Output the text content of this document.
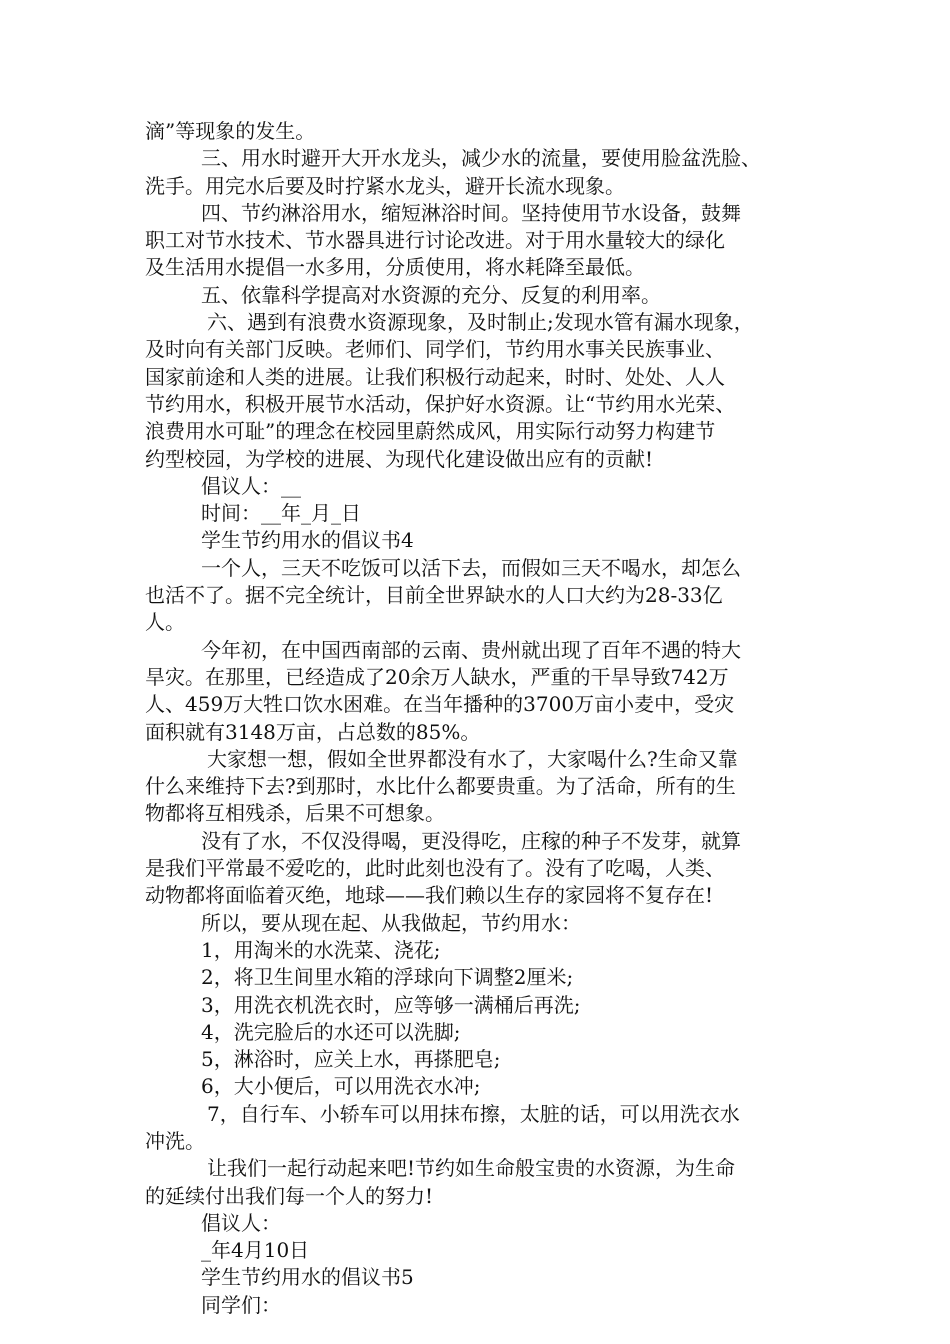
滴”等现象的发生。
三、用水时避开大开水龙头，减少水的流量，要使用脸盆洗脸、
洗手。用完水后要及时拧紧水龙头，避开长流水现象。
四、节约淋浴用水，缩短淋浴时间。坚持使用节水设备，鼓舞
职工对节水技术、节水器具进行讨论改进。对于用水量较大的绿化
及生活用水提倡一水多用，分质使用，将水耗降至最低。
五、依靠科学提高对水资源的充分、反复的利用率。
六、遇到有浪费水资源现象，及时制止;发现水管有漏水现象，
及时向有关部门反映。老师们、同学们，节约用水事关民族事业、
国家前途和人类的进展。让我们积极行动起来，时时、处处、人人
节约用水，积极开展节水活动，保护好水资源。让“节约用水光荣、
浪费用水可耻”的理念在校园里蔚然成风，用实际行动努力构建节
约型校园，为学校的进展、为现代化建设做出应有的贡献!
倡议人：__
时间：__年_月_日
学生节约用水的倡议书4
一个人，三天不吃饭可以活下去，而假如三天不喝水，却怎么
也活不了。据不完全统计，目前全世界缺水的人口大约为28-33亿
人。
今年初，在中国西南部的云南、贵州就出现了百年不遇的特大
旱灾。在那里，已经造成了20余万人缺水，严重的干旱导致742万
人、459万大牲口饮水困难。在当年播种的3700万亩小麦中，受灾
面积就有3148万亩，占总数的85%。
大家想一想，假如全世界都没有水了，大家喝什么?生命又靠
什么来维持下去?到那时，水比什么都要贵重。为了活命，所有的生
物都将互相残杀，后果不可想象。
没有了水，不仅没得喝，更没得吃，庄稼的种子不发芽，就算
是我们平常最不爱吃的，此时此刻也没有了。没有了吃喝，人类、
动物都将面临着灭绝，地球——我们赖以生存的家园将不复存在!
所以，要从现在起、从我做起，节约用水：
1，用淘米的水洗菜、浇花;
2，将卫生间里水箱的浮球向下调整2厘米;
3，用洗衣机洗衣时，应等够一满桶后再洗;
4，洗完脸后的水还可以洗脚;
5，淋浴时，应关上水，再搽肥皂;
6，大小便后，可以用洗衣水冲;
7，自行车、小轿车可以用抹布擦，太脏的话，可以用洗衣水
冲洗。
让我们一起行动起来吧!节约如生命般宝贵的水资源，为生命
的延续付出我们每一个人的努力!
倡议人：
_年4月10日
学生节约用水的倡议书5
同学们：
